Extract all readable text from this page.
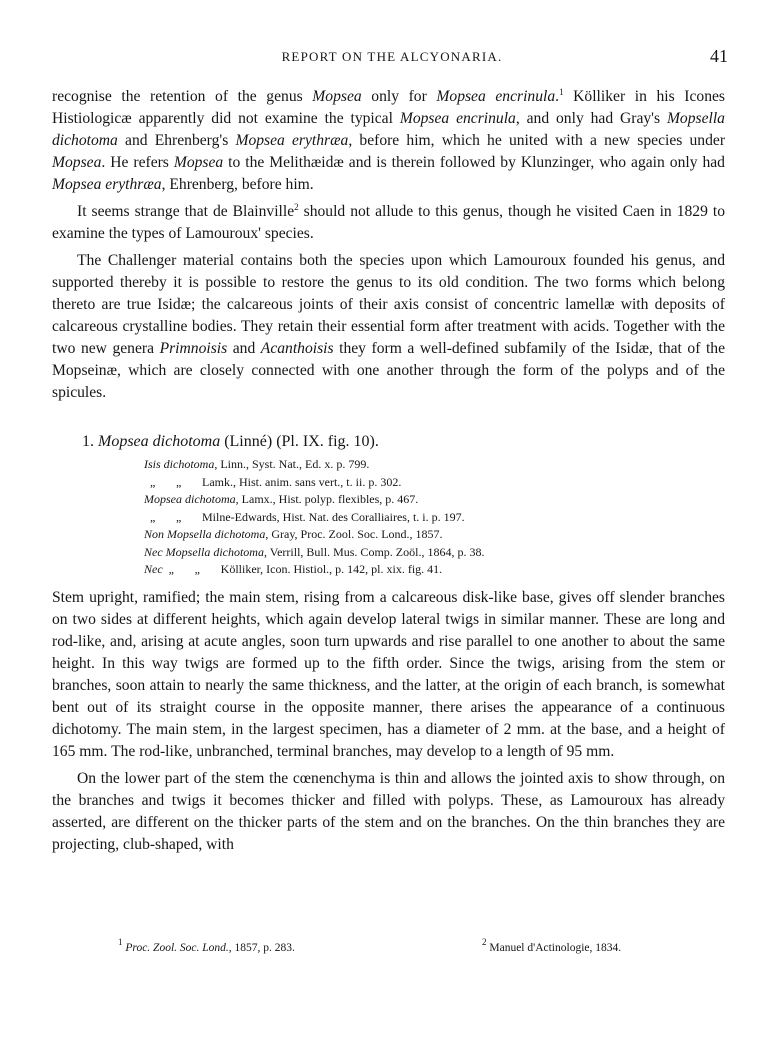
REPORT ON THE ALCYONARIA.	41

recognise the retention of the genus Mopsea only for Mopsea encrinula.$^1$ Kölliker in his Icones Histiologicæ apparently did not examine the typical Mopsea encrinula, and only had Gray's Mopsella dichotoma and Ehrenberg's Mopsea erythræa, before him, which he united with a new species under Mopsea. He refers Mopsea to the Melithæidæ and is therein followed by Klunzinger, who again only had Mopsea erythræa, Ehrenberg, before him.

It seems strange that de Blainville$^2$ should not allude to this genus, though he visited Caen in 1829 to examine the types of Lamouroux' species.

The Challenger material contains both the species upon which Lamouroux founded his genus, and supported thereby it is possible to restore the genus to its old condition. The two forms which belong thereto are true Isidæ; the calcareous joints of their axis consist of concentric lamellæ with deposits of calcareous crystalline bodies. They retain their essential form after treatment with acids. Together with the two new genera Primnoisis and Acanthoisis they form a well-defined subfamily of the Isidæ, that of the Mopseinæ, which are closely connected with one another through the form of the polyps and of the spicules.

1. Mopsea dichotoma (Linné) (Pl. IX. fig. 10).
Isis dichotoma, Linn., Syst. Nat., Ed. x. p. 799.
„ „ Lamk., Hist. anim. sans vert., t. ii. p. 302.
Mopsea dichotoma, Lamx., Hist. polyp. flexibles, p. 467.
„ „ Milne-Edwards, Hist. Nat. des Coralliaires, t. i. p. 197.
Non Mopsella dichotoma, Gray, Proc. Zool. Soc. Lond., 1857.
Nec Mopsella dichotoma, Verrill, Bull. Mus. Comp. Zoöl., 1864, p. 38.
Nec „ „ Kölliker, Icon. Histiol., p. 142, pl. xix. fig. 41.

Stem upright, ramified; the main stem, rising from a calcareous disk-like base, gives off slender branches on two sides at different heights, which again develop lateral twigs in similar manner. These are long and rod-like, and, arising at acute angles, soon turn upwards and rise parallel to one another to about the same height. In this way twigs are formed up to the fifth order. Since the twigs, arising from the stem or branches, soon attain to nearly the same thickness, and the latter, at the origin of each branch, is somewhat bent out of its straight course in the opposite manner, there arises the appearance of a continuous dichotomy. The main stem, in the largest specimen, has a diameter of 2 mm. at the base, and a height of 165 mm. The rod-like, unbranched, terminal branches, may develop to a length of 95 mm.

On the lower part of the stem the cœnenchyma is thin and allows the jointed axis to show through, on the branches and twigs it becomes thicker and filled with polyps. These, as Lamouroux has already asserted, are different on the thicker parts of the stem and on the branches. On the thin branches they are projecting, club-shaped, with

$^1$ Proc. Zool. Soc. Lond., 1857, p. 283.	$^2$ Manuel d'Actinologie, 1834.
